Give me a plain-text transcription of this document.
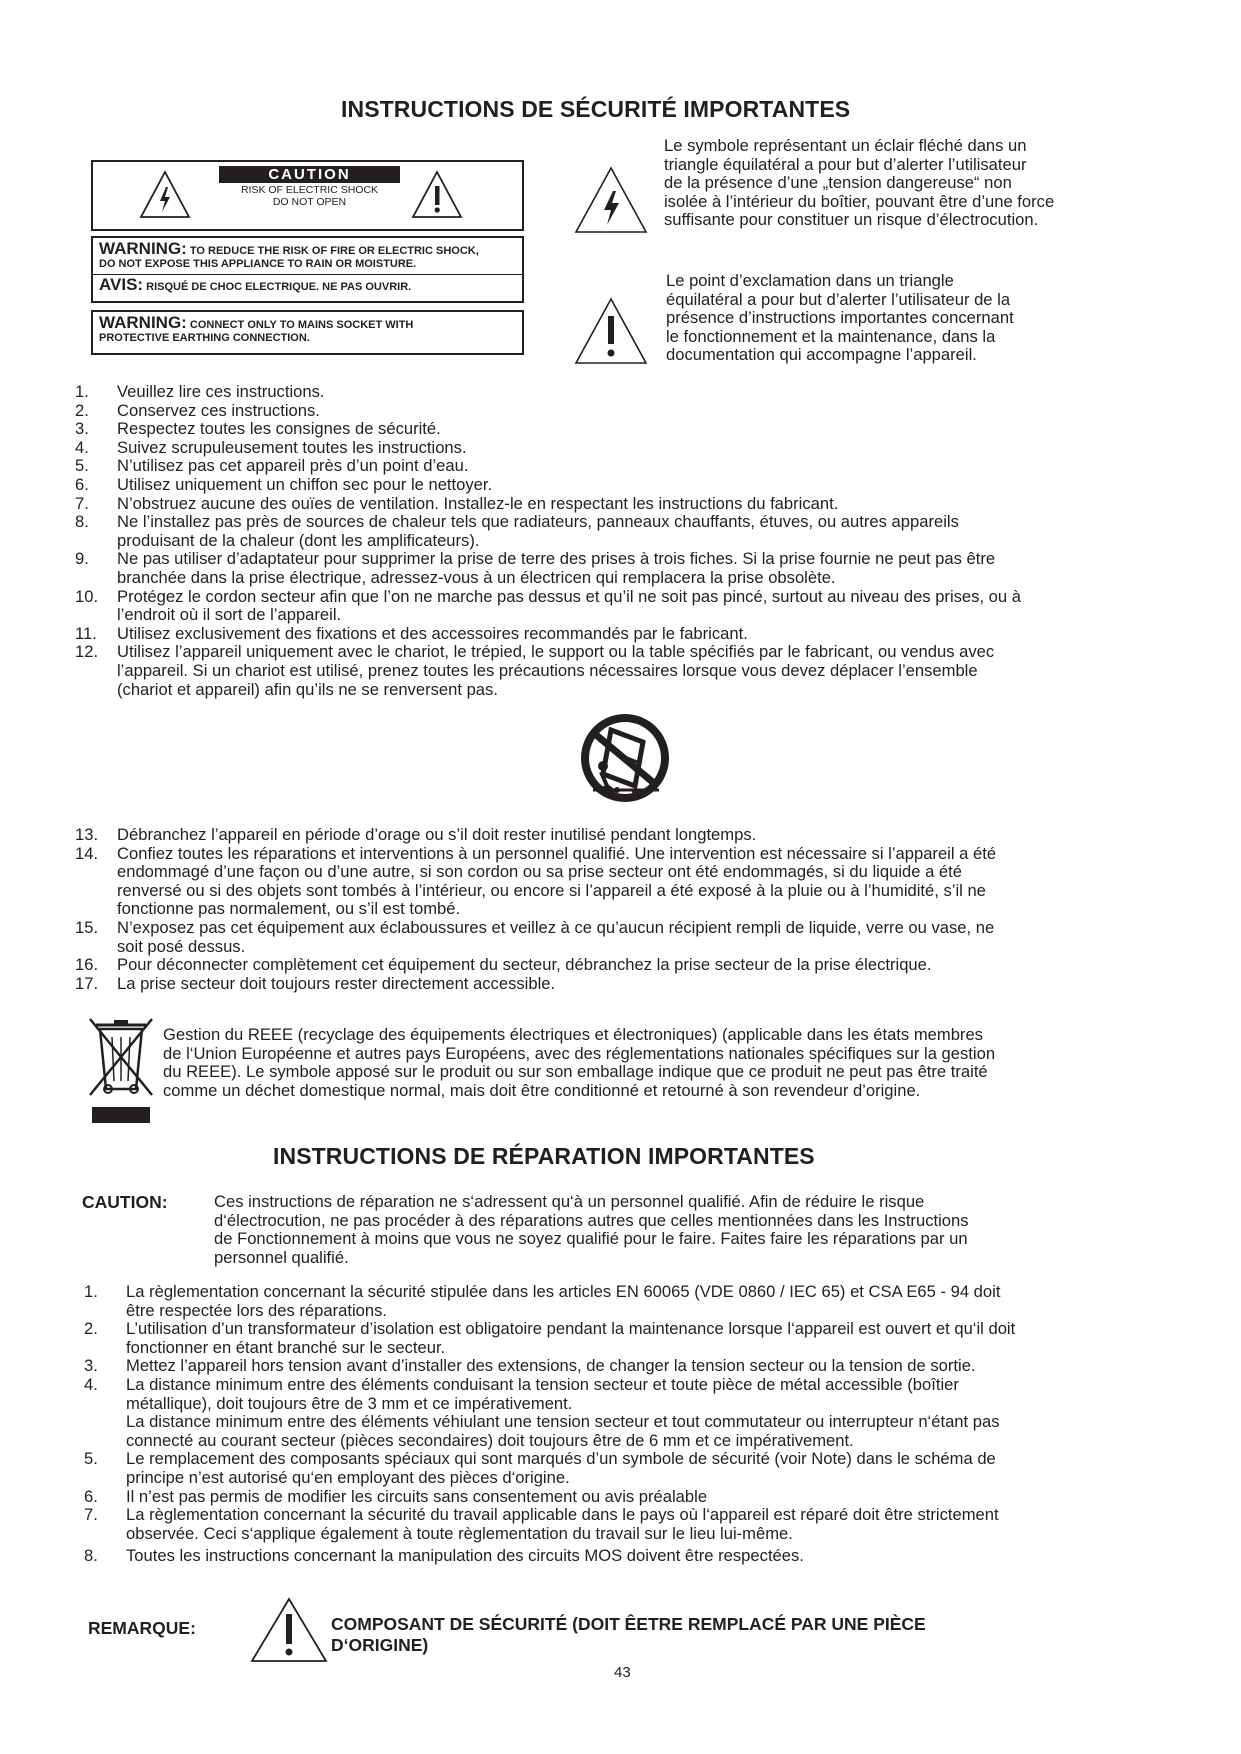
INSTRUCTIONS DE SÉCURITÉ IMPORTANTES
CAUTION
RISK OF ELECTRIC SHOCK
DO NOT OPEN
WARNING: TO REDUCE THE RISK OF FIRE OR ELECTRIC SHOCK,
DO NOT EXPOSE THIS APPLIANCE TO RAIN OR MOISTURE.
AVIS: RISQUÉ DE CHOC ELECTRIQUE. NE PAS OUVRIR.
WARNING: CONNECT ONLY TO MAINS SOCKET WITH
PROTECTIVE EARTHING CONNECTION.
Le symbole représentant un éclair fléché dans un
triangle équilatéral a pour but d’alerter l’utilisateur
de la présence d’une „tension dangereuse“ non
isolée à l’intérieur du boîtier, pouvant être d’une force
suffisante pour constituer un risque d’électrocution.
Le point d’exclamation dans un triangle
équilatéral a pour but d’alerter l’utilisateur de la
présence d’instructions importantes concernant
le fonctionnement et la maintenance, dans la
documentation qui accompagne l’appareil.
1. Veuillez lire ces instructions.
2. Conservez ces instructions.
3. Respectez toutes les consignes de sécurité.
4. Suivez scrupuleusement toutes les instructions.
5. N’utilisez pas cet appareil près d’un point d’eau.
6. Utilisez uniquement un chiffon sec pour le nettoyer.
7. N’obstruez aucune des ouïes de ventilation. Installez-le en respectant les instructions du fabricant.
8. Ne l’installez pas près de sources de chaleur tels que radiateurs, panneaux chauffants, étuves, ou autres appareils
produisant de la chaleur (dont les amplificateurs).
9. Ne pas utiliser d’adaptateur pour supprimer la prise de terre des prises à trois fiches. Si la prise fournie ne peut pas être
branchée dans la prise électrique, adressez-vous à un électricen qui remplacera la prise obsolète.
10. Protégez le cordon secteur afin que l’on ne marche pas dessus et qu’il ne soit pas pincé, surtout au niveau des prises, ou à
l’endroit où il sort de l’appareil.
11. Utilisez exclusivement des fixations et des accessoires recommandés par le fabricant.
12. Utilisez l’appareil uniquement avec le chariot, le trépied, le support ou la table spécifiés par le fabricant, ou vendus avec
l’appareil. Si un chariot est utilisé, prenez toutes les précautions nécessaires lorsque vous devez déplacer l’ensemble
(chariot et appareil) afin qu’ils ne se renversent pas.
13. Débranchez l’appareil en période d’orage ou s’il doit rester inutilisé pendant longtemps.
14. Confiez toutes les réparations et interventions à un personnel qualifié. Une intervention est nécessaire si l’appareil a été
endommagé d’une façon ou d’une autre, si son cordon ou sa prise secteur ont été endommagés, si du liquide a été
renversé ou si des objets sont tombés à l’intérieur, ou encore si l’appareil a été exposé à la pluie ou à l’humidité, s’il ne
fonctionne pas normalement, ou s’il est tombé.
15. N’exposez pas cet équipement aux éclaboussures et veillez à ce qu’aucun récipient rempli de liquide, verre ou vase, ne
soit posé dessus.
16. Pour déconnecter complètement cet équipement du secteur, débranchez la prise secteur de la prise électrique.
17. La prise secteur doit toujours rester directement accessible.
Gestion du REEE (recyclage des équipements électriques et électroniques) (applicable dans les états membres
de l‘Union Européenne et autres pays Européens, avec des réglementations nationales spécifiques sur la gestion
du REEE). Le symbole apposé sur le produit ou sur son emballage indique que ce produit ne peut pas être traité
comme un déchet domestique normal, mais doit être conditionné et retourné à son revendeur d’origine.
INSTRUCTIONS DE RÉPARATION IMPORTANTES
CAUTION:	Ces instructions de réparation ne s‘adressent qu‘à un personnel qualifié. Afin de réduire le risque
d‘électrocution, ne pas procéder à des réparations autres que celles mentionnées dans les Instructions
de Fonctionnement à moins que vous ne soyez qualifié pour le faire. Faites faire les réparations par un
personnel qualifié.
1. La règlementation concernant la sécurité stipulée dans les articles EN 60065 (VDE 0860 / IEC 65) et CSA E65 - 94 doit
être respectée lors des réparations.
2. L’utilisation d’un transformateur d’isolation est obligatoire pendant la maintenance lorsque l‘appareil est ouvert et qu‘il doit
fonctionner en étant branché sur le secteur.
3. Mettez l’appareil hors tension avant d’installer des extensions, de changer la tension secteur ou la tension de sortie.
4. La distance minimum entre des éléments conduisant la tension secteur et toute pièce de métal accessible (boîtier
métallique), doit toujours être de 3 mm et ce impérativement.
La distance minimum entre des éléments véhiulant une tension secteur et tout commutateur ou interrupteur n‘étant pas
connecté au courant secteur (pièces secondaires) doit toujours être de 6 mm et ce impérativement.
5. Le remplacement des composants spéciaux qui sont marqués d’un symbole de sécurité (voir Note) dans le schéma de
principe n’est autorisé qu‘en employant des pièces d‘origine.
6. Il n’est pas permis de modifier les circuits sans consentement ou avis préalable
7. La règlementation concernant la sécurité du travail applicable dans le pays où l‘appareil est réparé doit être strictement
observée. Ceci s‘applique également à toute règlementation du travail sur le lieu lui-même.
8. Toutes les instructions concernant la manipulation des circuits MOS doivent être respectées.
REMARQUE:	COMPOSANT DE SÉCURITÉ (DOIT ÊETRE REMPLACÉ PAR UNE PIÈCE
D‘ORIGINE)
43
